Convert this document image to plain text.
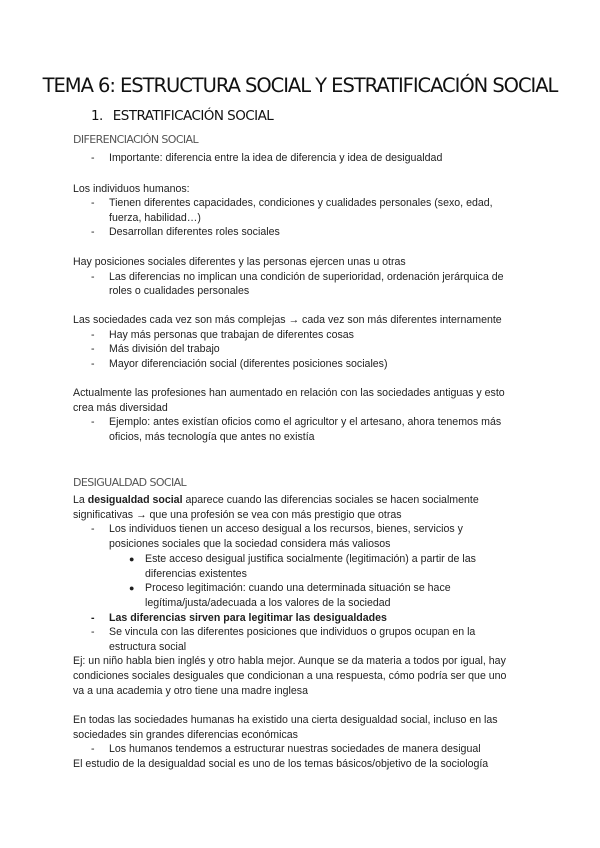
TEMA 6: ESTRUCTURA SOCIAL Y ESTRATIFICACIÓN SOCIAL
1. ESTRATIFICACIÓN SOCIAL
DIFERENCIACIÓN SOCIAL
- Importante: diferencia entre la idea de diferencia y idea de desigualdad
Los individuos humanos:
- Tienen diferentes capacidades, condiciones y cualidades personales (sexo, edad,
fuerza, habilidad…)
- Desarrollan diferentes roles sociales
Hay posiciones sociales diferentes y las personas ejercen unas u otras
- Las diferencias no implican una condición de superioridad, ordenación jerárquica de
roles o cualidades personales
Las sociedades cada vez son más complejas → cada vez son más diferentes internamente
- Hay más personas que trabajan de diferentes cosas
- Más división del trabajo
- Mayor diferenciación social (diferentes posiciones sociales)
Actualmente las profesiones han aumentado en relación con las sociedades antiguas y esto
crea más diversidad
- Ejemplo: antes existían oficios como el agricultor y el artesano, ahora tenemos más
oficios, más tecnología que antes no existía
DESIGUALDAD SOCIAL
La desigualdad social aparece cuando las diferencias sociales se hacen socialmente
significativas → que una profesión se vea con más prestigio que otras
- Los individuos tienen un acceso desigual a los recursos, bienes, servicios y
posiciones sociales que la sociedad considera más valiosos
● Este acceso desigual justifica socialmente (legitimación) a partir de las
diferencias existentes
● Proceso legitimación: cuando una determinada situación se hace
legítima/justa/adecuada a los valores de la sociedad
- Las diferencias sirven para legitimar las desigualdades
- Se vincula con las diferentes posiciones que individuos o grupos ocupan en la
estructura social
Ej: un niño habla bien inglés y otro habla mejor. Aunque se da materia a todos por igual, hay
condiciones sociales desiguales que condicionan a una respuesta, cómo podría ser que uno
va a una academia y otro tiene una madre inglesa
En todas las sociedades humanas ha existido una cierta desigualdad social, incluso en las
sociedades sin grandes diferencias económicas
- Los humanos tendemos a estructurar nuestras sociedades de manera desigual
El estudio de la desigualdad social es uno de los temas básicos/objetivo de la sociología
